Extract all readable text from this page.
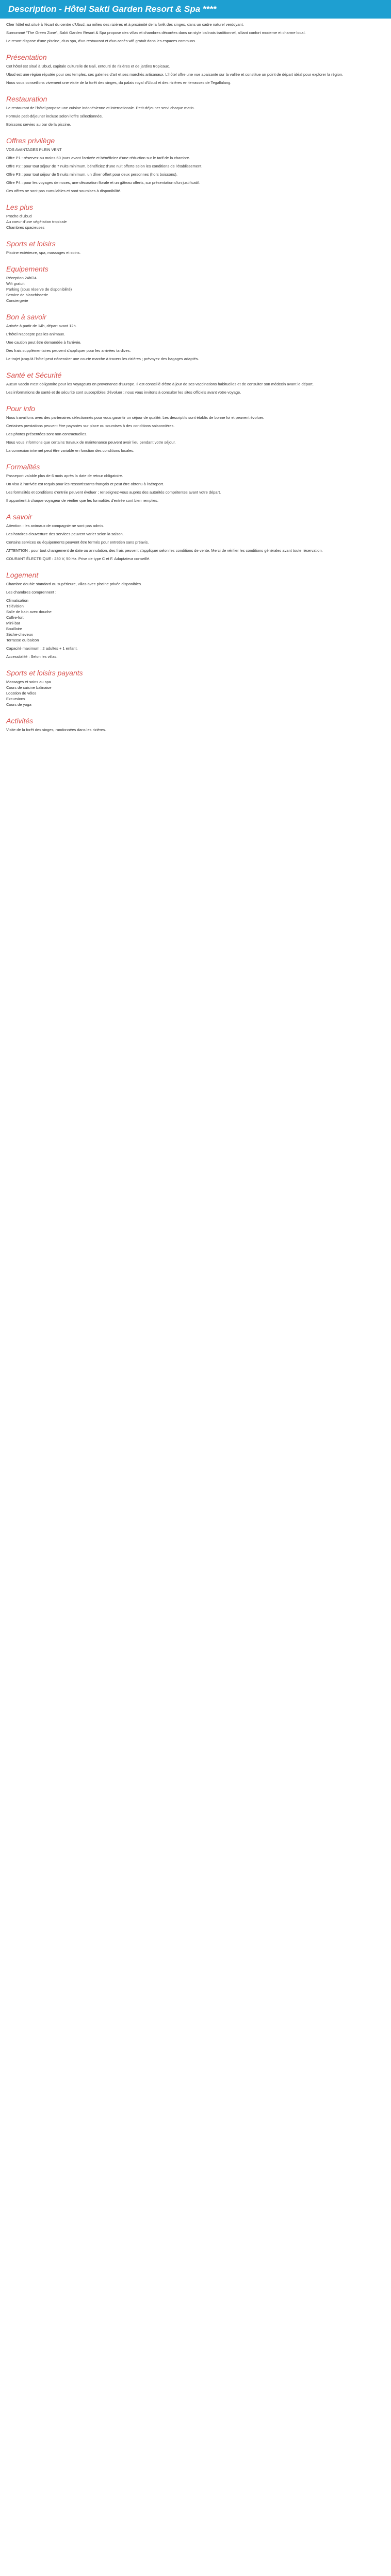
Description - Hôtel Sakti Garden Resort & Spa ****

Cher hôtel est situé à l'écart du centre d'Ubud, au milieu des rizières et à proximité de la forêt des singes, dans un cadre naturel verdoyant.

Surnommé "The Green Zone", Sakti Garden Resort & Spa propose des villas et chambres décorées dans un style balinais traditionnel, alliant confort moderne et charme local.

Le resort dispose d'une piscine, d'un spa, d'un restaurant et d'un accès wifi gratuit dans les espaces communs.

Présentation

Cet hôtel est situé à Ubud, capitale culturelle de Bali, entouré de rizières et de jardins tropicaux.

Ubud est une région réputée pour ses temples, ses galeries d'art et ses marchés artisanaux. L'hôtel offre une vue apaisante sur la vallée et constitue un point de départ idéal pour explorer la région.

Nous vous conseillons vivement une visite de la forêt des singes, du palais royal d'Ubud et des rizières en terrasses de Tegallalang.

Restauration

Le restaurant de l'hôtel propose une cuisine indonésienne et internationale. Petit-déjeuner servi chaque matin.

Formule petit-déjeuner incluse selon l'offre sélectionnée.

Boissons servies au bar de la piscine.

Offres privilège

VOS AVANTAGES PLEIN VENT

Offre P1 : réservez au moins 60 jours avant l'arrivée et bénéficiez d'une réduction sur le tarif de la chambre.

Offre P2 : pour tout séjour de 7 nuits minimum, bénéficiez d'une nuit offerte selon les conditions de l'établissement.

Offre P3 : pour tout séjour de 5 nuits minimum, un dîner offert pour deux personnes (hors boissons).

Offre P4 : pour les voyages de noces, une décoration florale et un gâteau offerts, sur présentation d'un justificatif.

Ces offres ne sont pas cumulables et sont soumises à disponibilité.

Les plus
Proche d'Ubud
Au coeur d'une végétation tropicale
Chambres spacieuses
Sports et loisirs
Piscine extérieure, spa, massages et soins.
Equipements
Réception 24h/24
Wifi gratuit
Parking (sous réserve de disponibilité)
Service de blanchisserie
Conciergerie
Bon à savoir

Arrivée à partir de 14h, départ avant 12h.

L'hôtel n'accepte pas les animaux.

Une caution peut être demandée à l'arrivée.

Des frais supplémentaires peuvent s'appliquer pour les arrivées tardives.

Le trajet jusqu'à l'hôtel peut nécessiter une courte marche à travers les rizières ; prévoyez des bagages adaptés.

Santé et Sécurité

Aucun vaccin n'est obligatoire pour les voyageurs en provenance d'Europe. Il est conseillé d'être à jour de ses vaccinations habituelles et de consulter son médecin avant le départ.

Les informations de santé et de sécurité sont susceptibles d'évoluer ; nous vous invitons à consulter les sites officiels avant votre voyage.

Pour info

Nous travaillons avec des partenaires sélectionnés pour vous garantir un séjour de qualité. Les descriptifs sont établis de bonne foi et peuvent évoluer.

Certaines prestations peuvent être payantes sur place ou soumises à des conditions saisonnières.

Les photos présentées sont non contractuelles.

Nous vous informons que certains travaux de maintenance peuvent avoir lieu pendant votre séjour.

La connexion internet peut être variable en fonction des conditions locales.

Formalités

Passeport valable plus de 6 mois après la date de retour obligatoire.

Un visa à l'arrivée est requis pour les ressortissants français et peut être obtenu à l'aéroport.

Les formalités et conditions d'entrée peuvent évoluer ; renseignez-vous auprès des autorités compétentes avant votre départ.

Il appartient à chaque voyageur de vérifier que les formalités d'entrée sont bien remplies.

A savoir

Attention : les animaux de compagnie ne sont pas admis.

Les horaires d'ouverture des services peuvent varier selon la saison.

Certains services ou équipements peuvent être fermés pour entretien sans préavis.

ATTENTION : pour tout changement de date ou annulation, des frais peuvent s'appliquer selon les conditions de vente. Merci de vérifier les conditions générales avant toute réservation.

COURANT ÉLECTRIQUE : 230 V, 50 Hz. Prise de type C et F. Adaptateur conseillé.

Logement

Chambre double standard ou supérieure, villas avec piscine privée disponibles.

Les chambres comprennent :

Climatisation
Télévision
Salle de bain avec douche
Coffre-fort
Mini-bar
Bouilloire
Sèche-cheveux
Terrasse ou balcon

Capacité maximum : 2 adultes + 1 enfant.

Accessibilité : Selon les villas.

Sports et loisirs payants
Massages et soins au spa
Cours de cuisine balinaise
Location de vélos
Excursions
Cours de yoga
Activités

Visite de la forêt des singes, randonnées dans les rizières.
